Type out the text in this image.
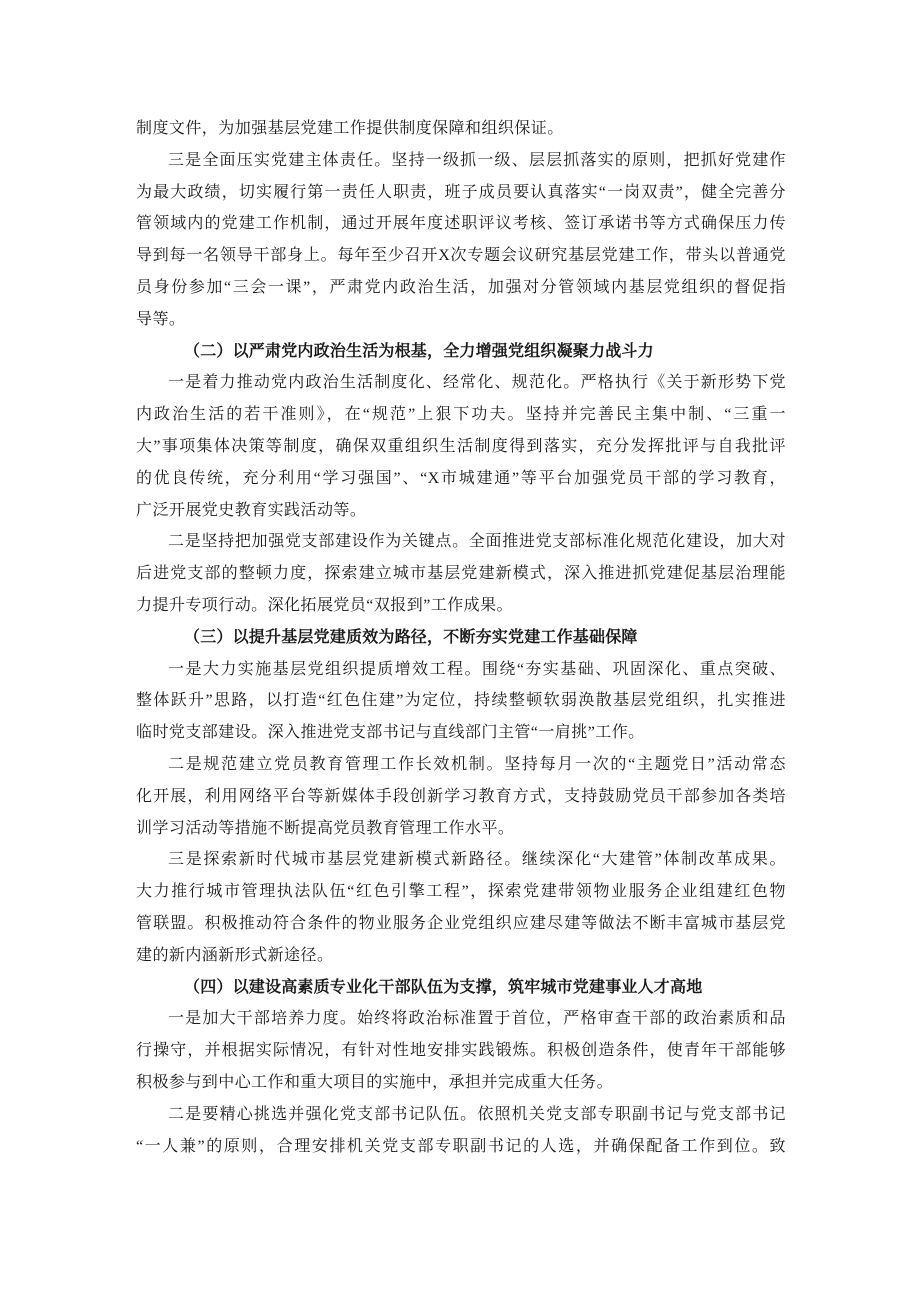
制度文件，为加强基层党建工作提供制度保障和组织保证。
三是全面压实党建主体责任。坚持一级抓一级、层层抓落实的原则，把抓好党建作
为最大政绩，切实履行第一责任人职责，班子成员要认真落实“一岗双责”，健全完善分
管领域内的党建工作机制，通过开展年度述职评议考核、签订承诺书等方式确保压力传
导到每一名领导干部身上。每年至少召开X次专题会议研究基层党建工作，带头以普通党
员身份参加“三会一课”，严肃党内政治生活，加强对分管领域内基层党组织的督促指
导等。
（二）以严肃党内政治生活为根基，全力增强党组织凝聚力战斗力
一是着力推动党内政治生活制度化、经常化、规范化。严格执行《关于新形势下党
内政治生活的若干准则》，在“规范”上狠下功夫。坚持并完善民主集中制、“三重一
大”事项集体决策等制度，确保双重组织生活制度得到落实，充分发挥批评与自我批评
的优良传统，充分利用“学习强国”、“X市城建通”等平台加强党员干部的学习教育，
广泛开展党史教育实践活动等。
二是坚持把加强党支部建设作为关键点。全面推进党支部标准化规范化建设，加大对
后进党支部的整顿力度，探索建立城市基层党建新模式，深入推进抓党建促基层治理能
力提升专项行动。深化拓展党员“双报到”工作成果。
（三）以提升基层党建质效为路径，不断夯实党建工作基础保障
一是大力实施基层党组织提质增效工程。围绕“夯实基础、巩固深化、重点突破、
整体跃升”思路，以打造“红色住建”为定位，持续整顿软弱涣散基层党组织，扎实推进
临时党支部建设。深入推进党支部书记与直线部门主管“一肩挑”工作。
二是规范建立党员教育管理工作长效机制。坚持每月一次的“主题党日”活动常态
化开展，利用网络平台等新媒体手段创新学习教育方式，支持鼓励党员干部参加各类培
训学习活动等措施不断提高党员教育管理工作水平。
三是探索新时代城市基层党建新模式新路径。继续深化“大建管”体制改革成果。
大力推行城市管理执法队伍“红色引擎工程”，探索党建带领物业服务企业组建红色物
管联盟。积极推动符合条件的物业服务企业党组织应建尽建等做法不断丰富城市基层党
建的新内涵新形式新途径。
（四）以建设高素质专业化干部队伍为支撑，筑牢城市党建事业人才高地
一是加大干部培养力度。始终将政治标准置于首位，严格审查干部的政治素质和品
行操守，并根据实际情况，有针对性地安排实践锻炼。积极创造条件，使青年干部能够
积极参与到中心工作和重大项目的实施中，承担并完成重大任务。
二是要精心挑选并强化党支部书记队伍。依照机关党支部专职副书记与党支部书记
“一人兼”的原则，合理安排机关党支部专职副书记的人选，并确保配备工作到位。致
